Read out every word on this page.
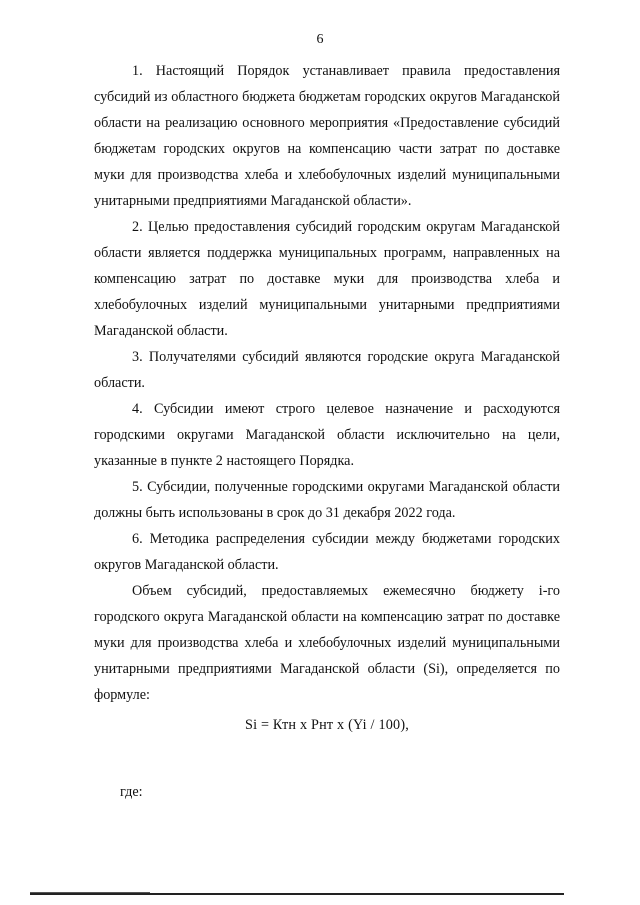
6

1. Настоящий Порядок устанавливает правила предоставления субсидий из областного бюджета бюджетам городских округов Магаданской области на реализацию основного мероприятия «Предоставление субсидий бюджетам городских округов на компенсацию части затрат по доставке муки для производства хлеба и хлебобулочных изделий муниципальными унитарными предприятиями Магаданской области».

2. Целью предоставления субсидий городским округам Магаданской области является поддержка муниципальных программ, направленных на компенсацию затрат по доставке муки для производства хлеба и хлебобулочных изделий муниципальными унитарными предприятиями Магаданской области.

3. Получателями субсидий являются городские округа Магаданской области.

4. Субсидии имеют строго целевое назначение и расходуются городскими округами Магаданской области исключительно на цели, указанные в пункте 2 настоящего Порядка.

5. Субсидии, полученные городскими округами Магаданской области должны быть использованы в срок до 31 декабря 2022 года.

6. Методика распределения субсидии между бюджетами городских округов Магаданской области.

Объем субсидий, предоставляемых ежемесячно бюджету i-го городского округа Магаданской области на компенсацию затрат по доставке муки для производства хлеба и хлебобулочных изделий муниципальными унитарными предприятиями Магаданской области (Si), определяется по формуле:

Si = Ктн х Рнт х (Yi / 100),

где:
